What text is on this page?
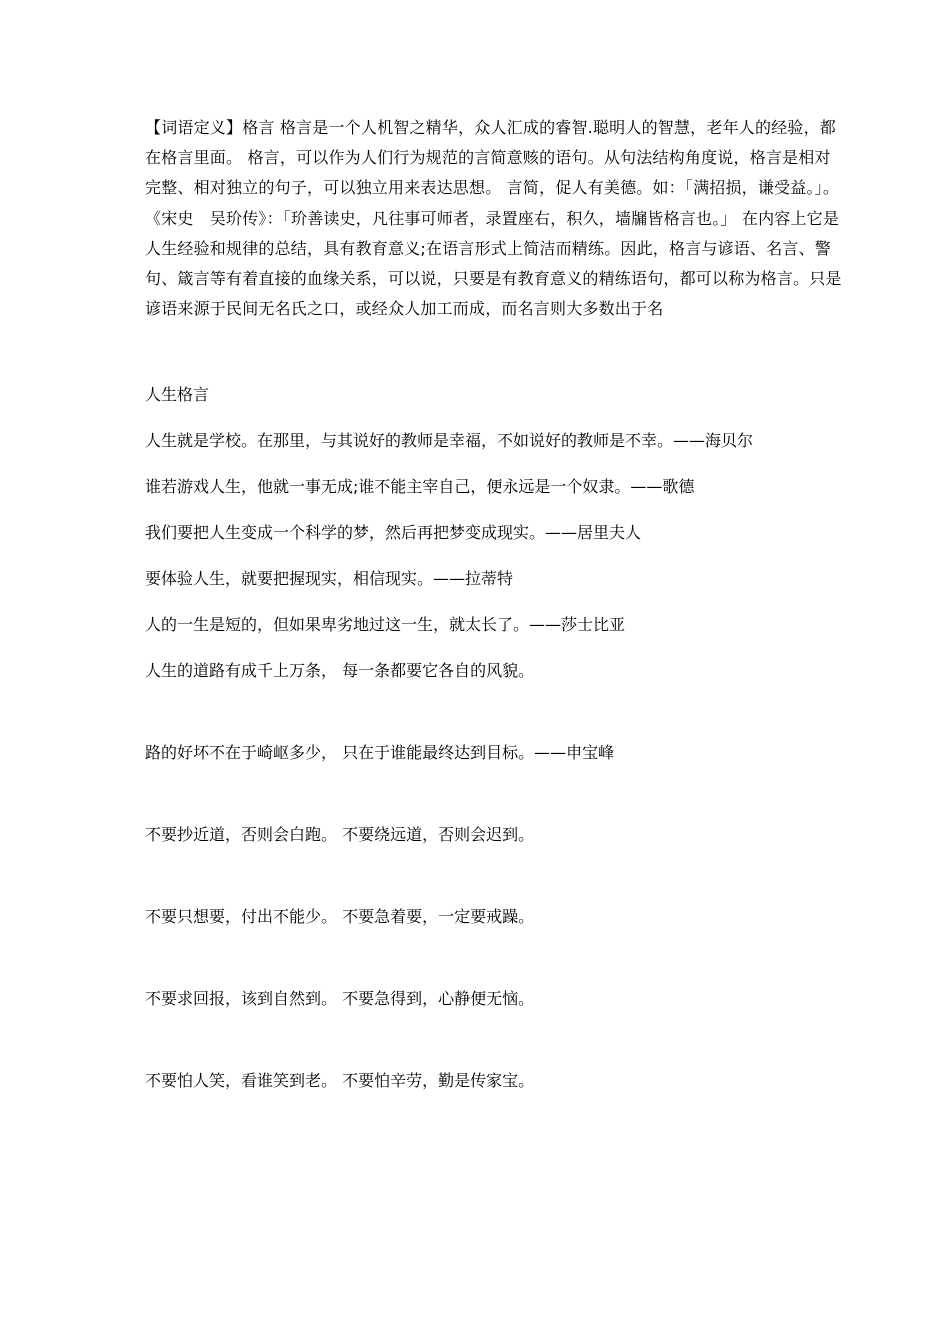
【词语定义】格言 格言是一个人机智之精华，众人汇成的睿智.聪明人的智慧，老年人的经验，都在格言里面。 格言，可以作为人们行为规范的言简意赅的语句。从句法结构角度说，格言是相对完整、相对独立的句子，可以独立用来表达思想。 言简，促人有美德。如：「满招损，谦受益。」。《宋史　吴玠传》：「玠善读史，凡往事可师者，录置座右，积久，墙牖皆格言也。」 在内容上它是人生经验和规律的总结，具有教育意义;在语言形式上简洁而精练。因此，格言与谚语、名言、警句、箴言等有着直接的血缘关系，可以说，只要是有教育意义的精练语句，都可以称为格言。只是谚语来源于民间无名氏之口，或经众人加工而成，而名言则大多数出于名

人生格言

人生就是学校。在那里，与其说好的教师是幸福，不如说好的教师是不幸。——海贝尔

谁若游戏人生，他就一事无成;谁不能主宰自己，便永远是一个奴隶。——歌德

我们要把人生变成一个科学的梦，然后再把梦变成现实。——居里夫人

要体验人生，就要把握现实，相信现实。——拉蒂特

人的一生是短的，但如果卑劣地过这一生，就太长了。——莎士比亚

人生的道路有成千上万条， 每一条都要它各自的风貌。

路的好坏不在于崎岖多少， 只在于谁能最终达到目标。——申宝峰

不要抄近道，否则会白跑。 不要绕远道，否则会迟到。

不要只想要，付出不能少。 不要急着要，一定要戒躁。

不要求回报，该到自然到。 不要急得到，心静便无恼。

不要怕人笑，看谁笑到老。 不要怕辛劳，勤是传家宝。
